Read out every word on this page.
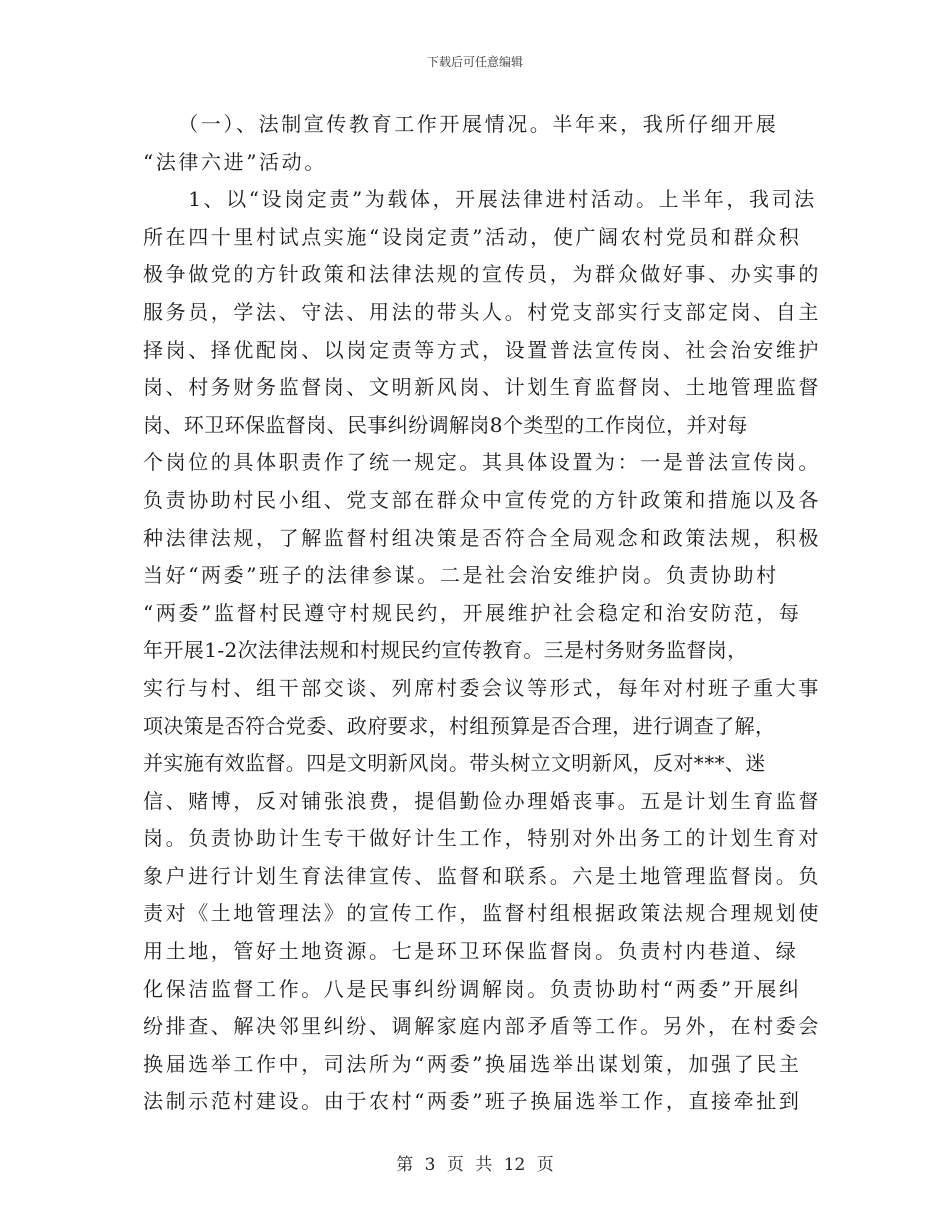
下载后可任意编辑
　　（一）、法制宣传教育工作开展情况。半年来，我所仔细开展
“法律六进”活动。
　　1、以“设岗定责”为载体，开展法律进村活动。上半年，我司法
所在四十里村试点实施“设岗定责”活动，使广阔农村党员和群众积
极争做党的方针政策和法律法规的宣传员，为群众做好事、办实事的
服务员，学法、守法、用法的带头人。村党支部实行支部定岗、自主
择岗、择优配岗、以岗定责等方式，设置普法宣传岗、社会治安维护
岗、村务财务监督岗、文明新风岗、计划生育监督岗、土地管理监督
岗、环卫环保监督岗、民事纠纷调解岗8个类型的工作岗位，并对每
个岗位的具体职责作了统一规定。其具体设置为：一是普法宣传岗。
负责协助村民小组、党支部在群众中宣传党的方针政策和措施以及各
种法律法规，了解监督村组决策是否符合全局观念和政策法规，积极
当好“两委”班子的法律参谋。二是社会治安维护岗。负责协助村
“两委”监督村民遵守村规民约，开展维护社会稳定和治安防范，每
年开展1-2次法律法规和村规民约宣传教育。三是村务财务监督岗，
实行与村、组干部交谈、列席村委会议等形式，每年对村班子重大事
项决策是否符合党委、政府要求，村组预算是否合理，进行调查了解，
并实施有效监督。四是文明新风岗。带头树立文明新风，反对***、迷
信、赌博，反对铺张浪费，提倡勤俭办理婚丧事。五是计划生育监督
岗。负责协助计生专干做好计生工作，特别对外出务工的计划生育对
象户进行计划生育法律宣传、监督和联系。六是土地管理监督岗。负
责对《土地管理法》的宣传工作，监督村组根据政策法规合理规划使
用土地，管好土地资源。七是环卫环保监督岗。负责村内巷道、绿
化保洁监督工作。八是民事纠纷调解岗。负责协助村“两委”开展纠
纷排查、解决邻里纠纷、调解家庭内部矛盾等工作。另外，在村委会
换届选举工作中，司法所为“两委”换届选举出谋划策，加强了民主
法制示范村建设。由于农村“两委”班子换届选举工作，直接牵扯到
第 3 页 共 12 页
